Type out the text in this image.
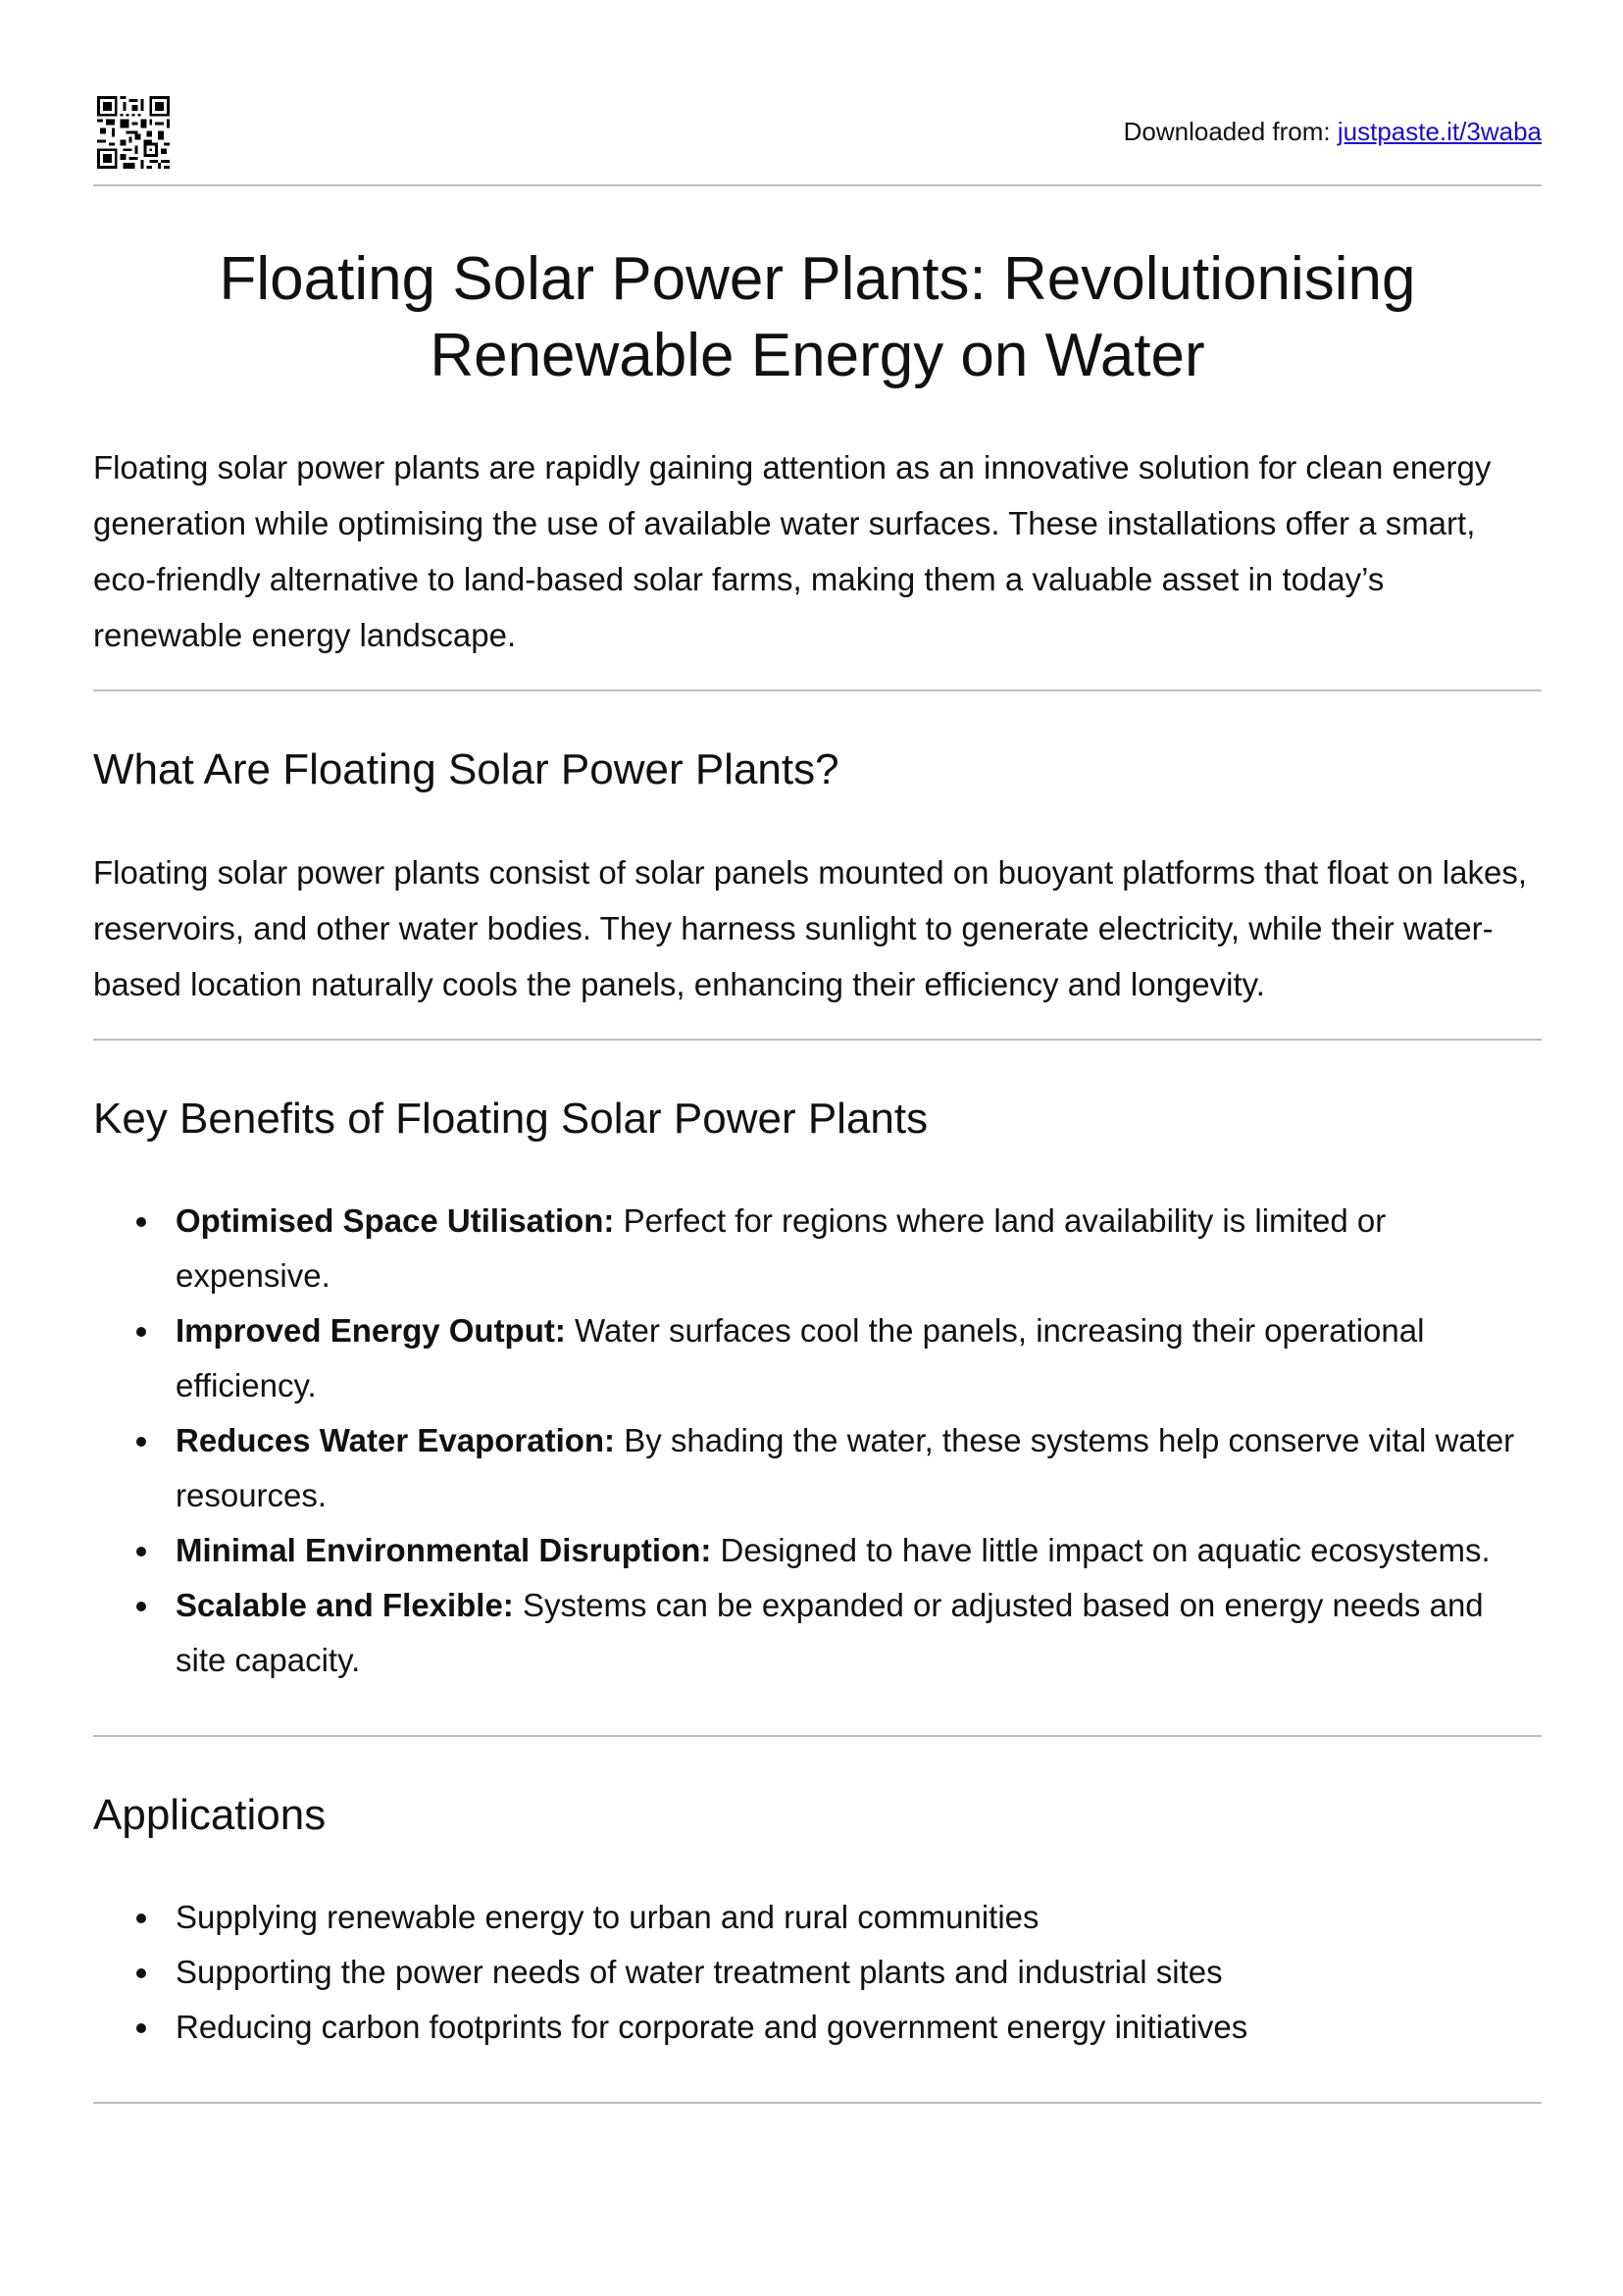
Downloaded from: justpaste.it/3waba
Floating Solar Power Plants: Revolutionising Renewable Energy on Water

Floating solar power plants are rapidly gaining attention as an innovative solution for clean energy generation while optimising the use of available water surfaces. These installations offer a smart, eco-friendly alternative to land-based solar farms, making them a valuable asset in today’s renewable energy landscape.

What Are Floating Solar Power Plants?

Floating solar power plants consist of solar panels mounted on buoyant platforms that float on lakes, reservoirs, and other water bodies. They harness sunlight to generate electricity, while their water-based location naturally cools the panels, enhancing their efficiency and longevity.

Key Benefits of Floating Solar Power Plants
Optimised Space Utilisation: Perfect for regions where land availability is limited or expensive.
Improved Energy Output: Water surfaces cool the panels, increasing their operational efficiency.
Reduces Water Evaporation: By shading the water, these systems help conserve vital water resources.
Minimal Environmental Disruption: Designed to have little impact on aquatic ecosystems.
Scalable and Flexible: Systems can be expanded or adjusted based on energy needs and site capacity.
Applications
Supplying renewable energy to urban and rural communities
Supporting the power needs of water treatment plants and industrial sites
Reducing carbon footprints for corporate and government energy initiatives
